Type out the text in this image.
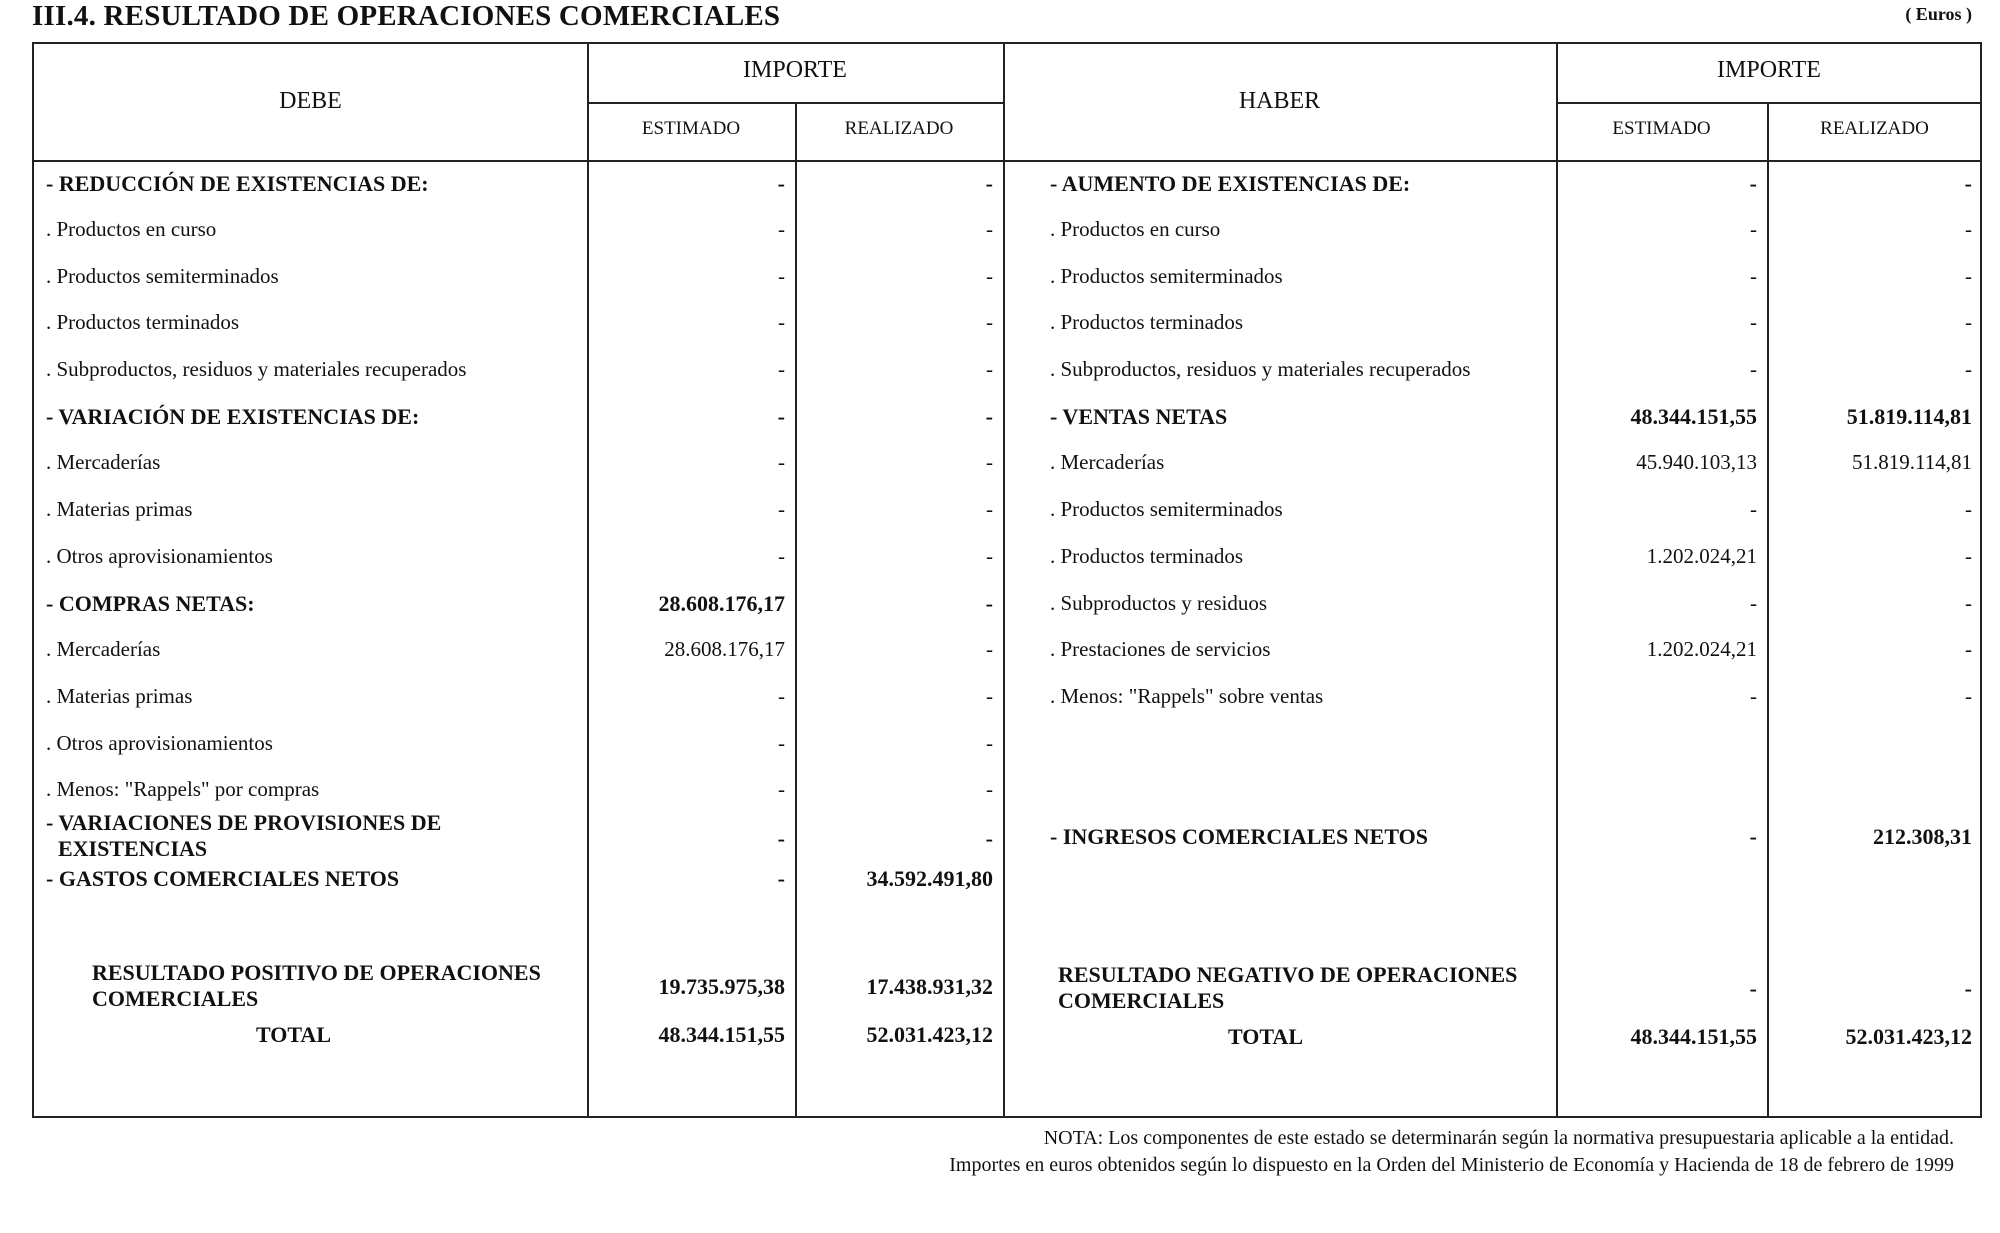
III.4. RESULTADO DE OPERACIONES COMERCIALES	( Euros )
DEBE
IMPORTE
ESTIMADO	REALIZADO
HABER
IMPORTE
ESTIMADO	REALIZADO
- REDUCCIÓN DE EXISTENCIAS DE:	-	-
. Productos en curso	-	-
. Productos semiterminados	-	-
. Productos terminados	-	-
. Subproductos, residuos y materiales recuperados	-	-
- VARIACIÓN DE EXISTENCIAS DE:	-	-
. Mercaderías	-	-
. Materias primas	-	-
. Otros aprovisionamientos	-	-
- COMPRAS NETAS:	28.608.176,17	-
. Mercaderías	28.608.176,17	-
. Materias primas	-	-
. Otros aprovisionamientos	-	-
. Menos: "Rappels" por compras	-	-
- VARIACIONES DE PROVISIONES DE
EXISTENCIAS	-	-
- GASTOS COMERCIALES NETOS	-	34.592.491,80
- AUMENTO DE EXISTENCIAS DE:	-	-
. Productos en curso	-	-
. Productos semiterminados	-	-
. Productos terminados	-	-
. Subproductos, residuos y materiales recuperados	-	-
- VENTAS NETAS	48.344.151,55	51.819.114,81
. Mercaderías	45.940.103,13	51.819.114,81
. Productos semiterminados	-	-
. Productos terminados	1.202.024,21	-
. Subproductos y residuos	-	-
. Prestaciones de servicios	1.202.024,21	-
. Menos: "Rappels" sobre ventas	-	-
- INGRESOS COMERCIALES NETOS	-	212.308,31
RESULTADO POSITIVO DE OPERACIONES
COMERCIALES	19.735.975,38	17.438.931,32
TOTAL	48.344.151,55	52.031.423,12
RESULTADO NEGATIVO DE OPERACIONES
COMERCIALES	-	-
TOTAL	48.344.151,55	52.031.423,12
NOTA: Los componentes de este estado se determinarán según la normativa presupuestaria aplicable a la entidad.
Importes en euros obtenidos según lo dispuesto en la Orden del Ministerio de Economía y Hacienda de 18 de febrero de 1999
